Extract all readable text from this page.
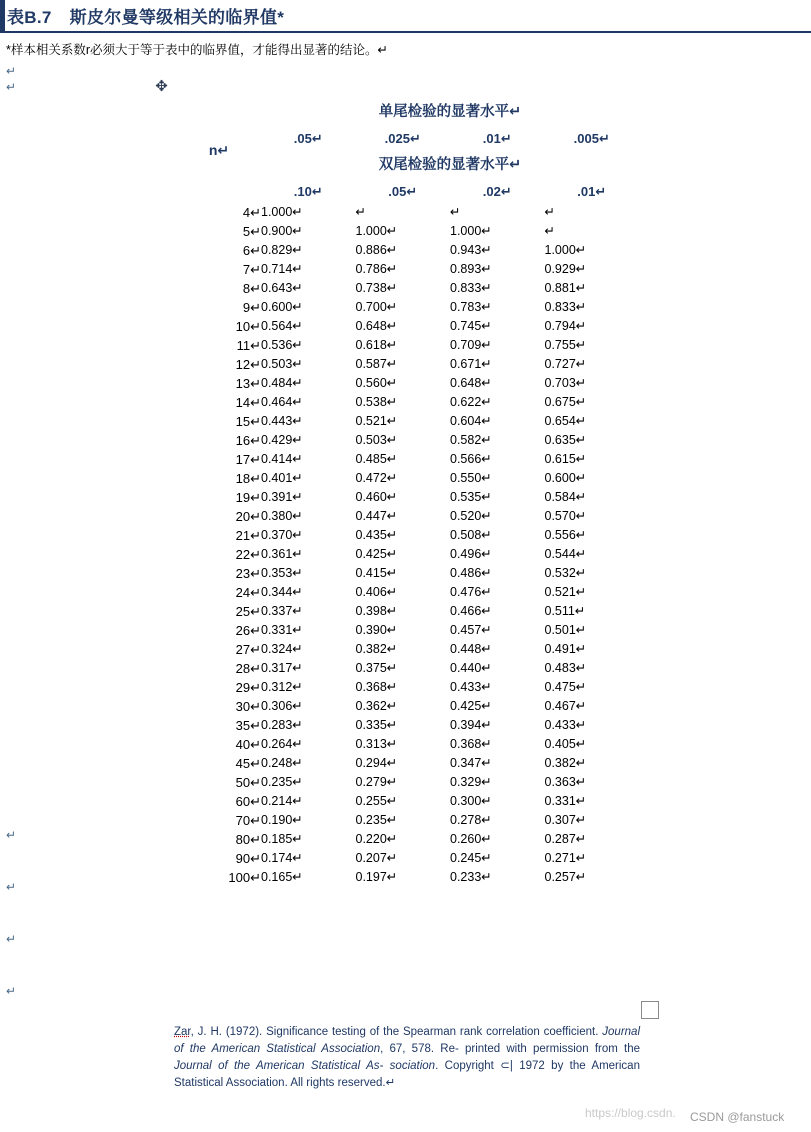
表B.7 斯皮尔曼等级相关的临界值*
*样本相关系数r必须大于等于表中的临界值，才能得出显著的结论。↵
↵
↵
↵
↵
↵
↵
✥
n↵	单尾检验的显著水平↵			
	.05↵	.025↵	.01↵	.005↵
	双尾检验的显著水平↵			
	.10↵	.05↵	.02↵	.01↵
4↵	1.000↵	↵	↵	↵
5↵	0.900↵	1.000↵	1.000↵	↵
6↵	0.829↵	0.886↵	0.943↵	1.000↵
7↵	0.714↵	0.786↵	0.893↵	0.929↵
8↵	0.643↵	0.738↵	0.833↵	0.881↵
9↵	0.600↵	0.700↵	0.783↵	0.833↵
10↵	0.564↵	0.648↵	0.745↵	0.794↵
11↵	0.536↵	0.618↵	0.709↵	0.755↵
12↵	0.503↵	0.587↵	0.671↵	0.727↵
13↵	0.484↵	0.560↵	0.648↵	0.703↵
14↵	0.464↵	0.538↵	0.622↵	0.675↵
15↵	0.443↵	0.521↵	0.604↵	0.654↵
16↵	0.429↵	0.503↵	0.582↵	0.635↵
17↵	0.414↵	0.485↵	0.566↵	0.615↵
18↵	0.401↵	0.472↵	0.550↵	0.600↵
19↵	0.391↵	0.460↵	0.535↵	0.584↵
20↵	0.380↵	0.447↵	0.520↵	0.570↵
21↵	0.370↵	0.435↵	0.508↵	0.556↵
22↵	0.361↵	0.425↵	0.496↵	0.544↵
23↵	0.353↵	0.415↵	0.486↵	0.532↵
24↵	0.344↵	0.406↵	0.476↵	0.521↵
25↵	0.337↵	0.398↵	0.466↵	0.511↵
26↵	0.331↵	0.390↵	0.457↵	0.501↵
27↵	0.324↵	0.382↵	0.448↵	0.491↵
28↵	0.317↵	0.375↵	0.440↵	0.483↵
29↵	0.312↵	0.368↵	0.433↵	0.475↵
30↵	0.306↵	0.362↵	0.425↵	0.467↵
35↵	0.283↵	0.335↵	0.394↵	0.433↵
40↵	0.264↵	0.313↵	0.368↵	0.405↵
45↵	0.248↵	0.294↵	0.347↵	0.382↵
50↵	0.235↵	0.279↵	0.329↵	0.363↵
60↵	0.214↵	0.255↵	0.300↵	0.331↵
70↵	0.190↵	0.235↵	0.278↵	0.307↵
80↵	0.185↵	0.220↵	0.260↵	0.287↵
90↵	0.174↵	0.207↵	0.245↵	0.271↵
100↵	0.165↵	0.197↵	0.233↵	0.257↵
Zar, J. H. (1972). Significance testing of the Spearman rank correlation coefficient. Journal of the American Statistical Association, 67, 578. Re- printed with permission from the Journal of the American Statistical As- sociation. Copyright ⊂| 1972 by the American Statistical Association. All rights reserved.↵
https://blog.csdn. CSDN @fanstuck
